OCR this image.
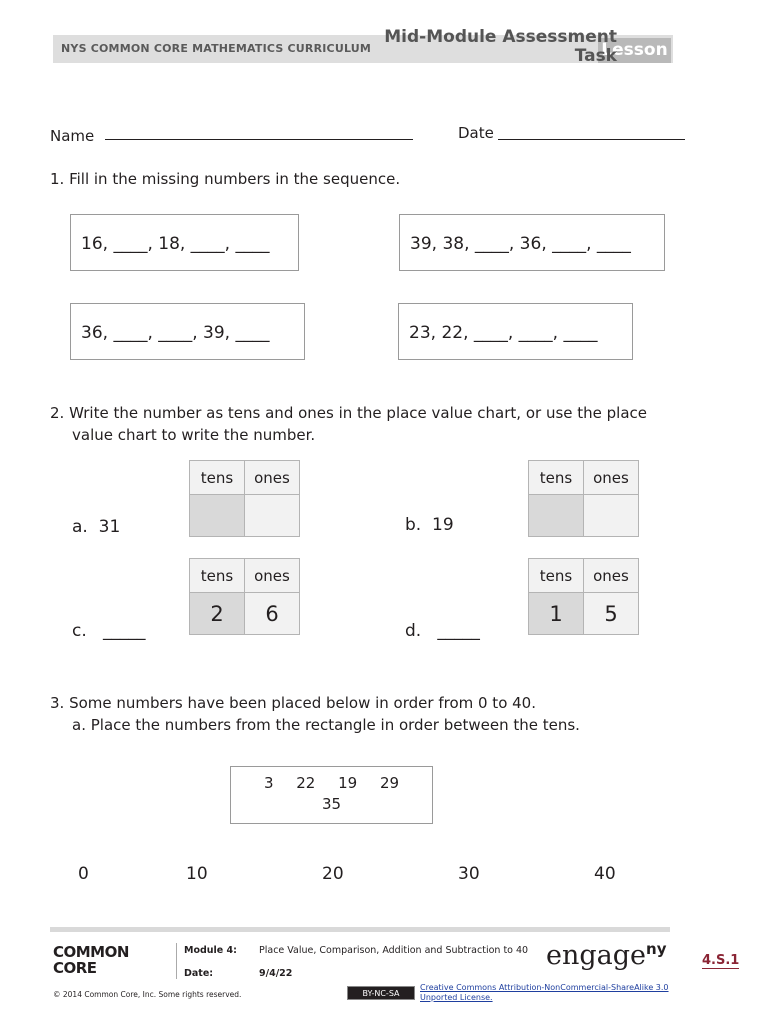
NYS COMMON CORE MATHEMATICS CURRICULUM	Lesson
Mid-Module Assessment
Task
Name	Date
1. Fill in the missing numbers in the sequence.
16, ____, 18, ____, ____	39, 38, ____, 36, ____, ____
36, ____, ____, 39, ____	23, 22, ____, ____, ____
2. Write the number as tens and ones in the place value chart, or use the place
value chart to write the number.
a. 31
tens	ones

b. 19
tens	ones

c. _____
tens	ones
2	6
d. _____
tens	ones
1	5
3. Some numbers have been placed below in order from 0 to 40.
a. Place the numbers from the rectangle in order between the tens.
3 22 19 29
35
0	10	20	30	40
COMMON
CORE
Module 4: Place Value, Comparison, Addition and Subtraction to 40
Date:	9/4/22
© 2014 Common Core, Inc. Some rights reserved.
engage$^{ny}$
4.S.1
BY-NC-SA
Creative Commons Attribution-NonCommercial-ShareAlike 3.0
Unported License.
